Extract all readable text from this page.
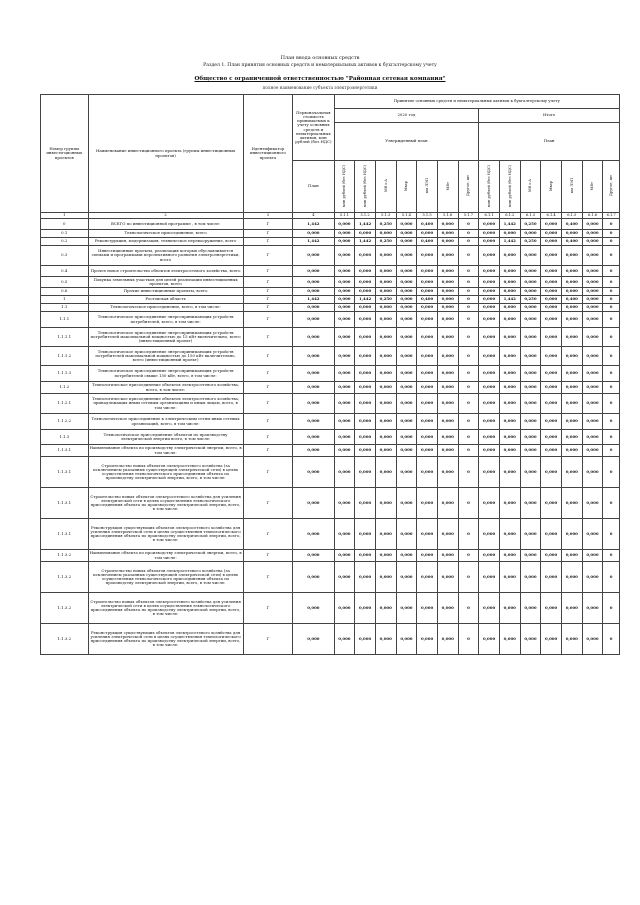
План ввода основных средств
Раздел 1. План принятия основных средств и нематериальных активов к бухгалтерскому учету
Общество с ограниченной ответственностью "Районная сетевая компания"
полное наименование субъекта электроэнергетики
Номер группы инвести-ционных проектов	Наименование инвестиционного проекта (группы инвестиционных проектов)	Идентификатор инвестиционного проекта	Первоначальная стоимость принимаемых к учету основных средств и нематериальных активов, млн рублей (без НДС)	Принятие основных средств и нематериальных активов к бухгалтерскому учету													
				2020 год							Итого						
				Утвержденный план							План						
			План	млн рублей (без НДС)	млн рублей (без НДС)	МВ×А	Мвар	км ЛЭП	МВт	Другое, шт	млн рублей (без НДС)	млн рублей (без НДС)	МВ×А	Мвар	км ЛЭП	МВт	Другое, шт
1	2	3	4	5.1.1	5.1.2	5.1.3	5.1.4	5.1.5	5.1.6	5.1.7	6.1.1	6.1.2	6.1.3	6.1.4	6.1.5	6.1.6	6.1.7
0	ВСЕГО по инвестиционной программе , в том числе:	Г	1,442	0,000	1,442	0,250	0,000	0,400	0,000	0	0,000	1,442	0,250	0,000	0,400	0,000	0
0.1	Технологическое присоединение, всего	Г	0,000	0,000	0,000	0,000	0,000	0,000	0,000	0	0,000	0,000	0,000	0,000	0,000	0,000	0
0.2	Реконструкция, модернизация, техническое перевооружение, всего	Г	1,442	0,000	1,442	0,250	0,000	0,400	0,000	0	0,000	1,442	0,250	0,000	0,400	0,000	0
0.3	Инвестиционные проекты, реализация которых обуславливается схемами и программами перспективного развития электроэнергетики, всего	Г	0,000	0,000	0,000	0,000	0,000	0,000	0,000	0	0,000	0,000	0,000	0,000	0,000	0,000	0
0.4	Прочее новое строительство объектов электросетевого хозяйства, всего	Г	0,000	0,000	0,000	0,000	0,000	0,000	0,000	0	0,000	0,000	0,000	0,000	0,000	0,000	0
0.5	Покупка земельных участков для целей реализации инвестиционных проектов, всего	Г	0,000	0,000	0,000	0,000	0,000	0,000	0,000	0	0,000	0,000	0,000	0,000	0,000	0,000	0
0.6	Прочие инвестиционные проекты, всего	Г	0,000	0,000	0,000	0,000	0,000	0,000	0,000	0	0,000	0,000	0,000	0,000	0,000	0,000	0
1	Ростовская область	Г	1,442	0,000	1,442	0,250	0,000	0,400	0,000	0	0,000	1,442	0,250	0,000	0,400	0,000	0
1.1	Технологическое присоединение, всего, в том числе:	Г	0,000	0,000	0,000	0,000	0,000	0,000	0,000	0	0,000	0,000	0,000	0,000	0,000	0,000	0
1.1.1	Технологическое присоединение энергопринимающих устройств потребителей, всего, в том числе:	Г	0,000	0,000	0,000	0,000	0,000	0,000	0,000	0	0,000	0,000	0,000	0,000	0,000	0,000	0
1.1.1.1	Технологическое присоединение энергопринимающих устройств потребителей максимальной мощностью до 15 кВт включительно, всего (инвестиционный проект)	Г	0,000	0,000	0,000	0,000	0,000	0,000	0,000	0	0,000	0,000	0,000	0,000	0,000	0,000	0
1.1.1.2	Технологическое присоединение энергопринимающих устройств потребителей максимальной мощностью до 150 кВт включительно, всего (инвестиционный проект)	Г	0,000	0,000	0,000	0,000	0,000	0,000	0,000	0	0,000	0,000	0,000	0,000	0,000	0,000	0
1.1.1.3	Технологическое присоединение энергопринимающих устройств потребителей свыше 150 кВт, всего, в том числе:	Г	0,000	0,000	0,000	0,000	0,000	0,000	0,000	0	0,000	0,000	0,000	0,000	0,000	0,000	0
1.1.2	Технологическое присоединение объектов электросетевого хозяйства, всего, в том числе:	Г	0,000	0,000	0,000	0,000	0,000	0,000	0,000	0	0,000	0,000	0,000	0,000	0,000	0,000	0
1.1.2.1	Технологическое присоединение объектов электросетевого хозяйства, принадлежащих иным сетевым организациям и иным лицам, всего, в том числе:	Г	0,000	0,000	0,000	0,000	0,000	0,000	0,000	0	0,000	0,000	0,000	0,000	0,000	0,000	0
1.1.2.2	Технологическое присоединение к электрическим сетям иных сетевых организаций, всего, в том числе:	Г	0,000	0,000	0,000	0,000	0,000	0,000	0,000	0	0,000	0,000	0,000	0,000	0,000	0,000	0
1.1.3	Технологическое присоединение объектов по производству электрической энергии всего, в том числе:	Г	0,000	0,000	0,000	0,000	0,000	0,000	0,000	0	0,000	0,000	0,000	0,000	0,000	0,000	0
1.1.3.1	Наименование объекта по производству электрической энергии, всего, в том числе:	Г	0,000	0,000	0,000	0,000	0,000	0,000	0,000	0	0,000	0,000	0,000	0,000	0,000	0,000	0
1.1.3.1	Строительство новых объектов электросетевого хозяйства (за исключением указанных существующей электрической сети) в целях осуществления технологического присоединения объекта по производству электрической энергии, всего, в том числе:	Г	0,000	0,000	0,000	0,000	0,000	0,000	0,000	0	0,000	0,000	0,000	0,000	0,000	0,000	0
1.1.3.1	Строительство новых объектов электросетевого хозяйства для усиления электрической сети в целях осуществления технологического присоединения объекта по производству электрической энергии, всего, в том числе:	Г	0,000	0,000	0,000	0,000	0,000	0,000	0,000	0	0,000	0,000	0,000	0,000	0,000	0,000	0
1.1.3.1	Реконструкция существующих объектов электросетевого хозяйства для усиления электрической сети в целях осуществления технологического присоединения объекта по производству электрической энергии, всего, в том числе:	Г	0,000	0,000	0,000	0,000	0,000	0,000	0,000	0	0,000	0,000	0,000	0,000	0,000	0,000	0
1.1.3.2	Наименование объекта по производству электрической энергии, всего, в том числе:	Г	0,000	0,000	0,000	0,000	0,000	0,000	0,000	0	0,000	0,000	0,000	0,000	0,000	0,000	0
1.1.3.2	Строительство новых объектов электросетевого хозяйства (за исключением указанных существующей электрической сети) в целях осуществления технологического присоединения объекта по производству электрической энергии, всего, в том числе:	Г	0,000	0,000	0,000	0,000	0,000	0,000	0,000	0	0,000	0,000	0,000	0,000	0,000	0,000	0
1.1.3.2	Строительство новых объектов электросетевого хозяйства для усиления электрической сети в целях осуществления технологического присоединения объекта по производству электрической энергии, всего, в том числе:	Г	0,000	0,000	0,000	0,000	0,000	0,000	0,000	0	0,000	0,000	0,000	0,000	0,000	0,000	0
1.1.3.2	Реконструкция существующих объектов электросетевого хозяйства для усиления электрической сети в целях осуществления технологического присоединения объекта по производству электрической энергии, всего, в том числе:	Г	0,000	0,000	0,000	0,000	0,000	0,000	0,000	0	0,000	0,000	0,000	0,000	0,000	0,000	0
